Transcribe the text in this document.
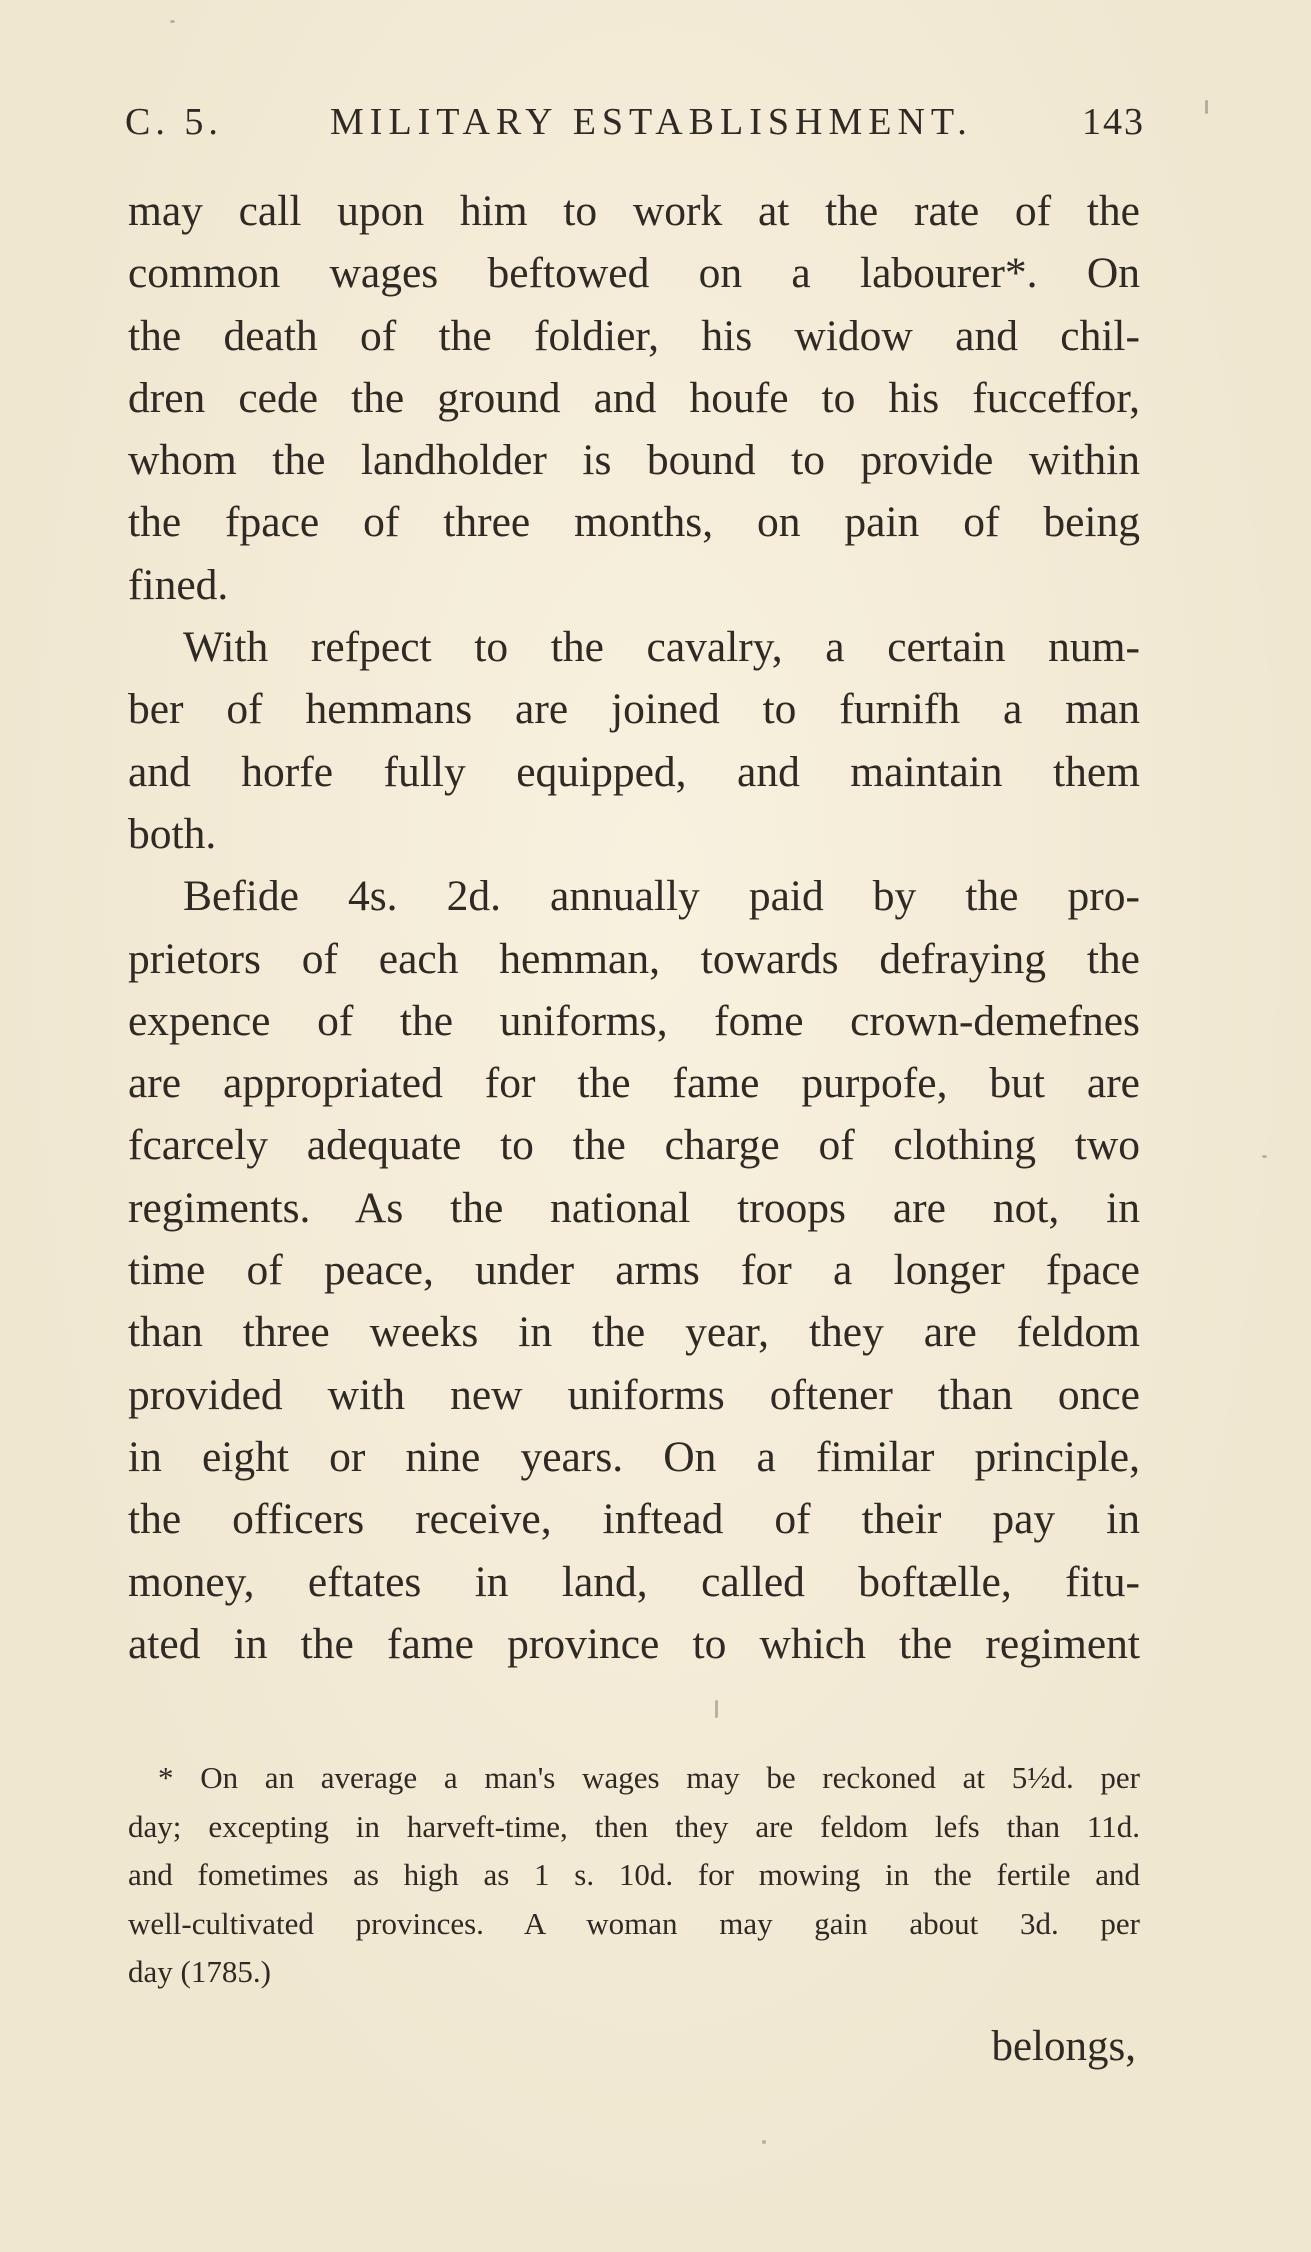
C. 5.	MILITARY ESTABLISHMENT.	143
may call upon him to work at the rate of the
common wages beftowed on a labourer*. On
the death of the foldier, his widow and chil-
dren cede the ground and houfe to his fucceffor,
whom the landholder is bound to provide within
the fpace of three months, on pain of being
fined.
With refpect to the cavalry, a certain num-
ber of hemmans are joined to furnifh a man
and horfe fully equipped, and maintain them
both.
Befide 4s. 2d. annually paid by the pro-
prietors of each hemman, towards defraying the
expence of the uniforms, fome crown-demefnes
are appropriated for the fame purpofe, but are
fcarcely adequate to the charge of clothing two
regiments. As the national troops are not, in
time of peace, under arms for a longer fpace
than three weeks in the year, they are feldom
provided with new uniforms oftener than once
in eight or nine years. On a fimilar principle,
the officers receive, inftead of their pay in
money, eftates in land, called boftælle, fitu-
ated in the fame province to which the regiment
* On an average a man's wages may be reckoned at 5½d. per
day; excepting in harveft-time, then they are feldom lefs than 11d.
and fometimes as high as 1 s. 10d. for mowing in the fertile and
well-cultivated provinces. A woman may gain about 3d. per
day (1785.)
belongs,
